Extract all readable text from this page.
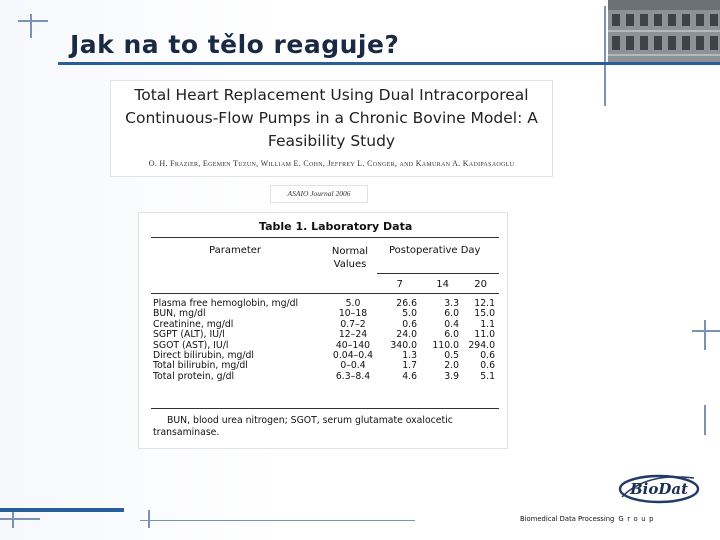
Jak na to tělo reaguje?
Total Heart Replacement Using Dual Intracorporeal Continuous-Flow Pumps in a Chronic Bovine Model: A Feasibility Study
O. H. Frazier, Egemen Tuzun, William E. Cohn, Jeffrey L. Conger, and Kamuran A. Kadipasaoglu
ASAIO Journal 2006
Table 1. Laboratory Data
Parameter	Normal Values
Postoperative Day
7	14	20
Plasma free hemoglobin, mg/dl	5.0	26.6	3.3	12.1
BUN, mg/dl	10–18	5.0	6.0	15.0
Creatinine, mg/dl	0.7–2	0.6	0.4	1.1
SGPT (ALT), IU/l	12–24	24.0	6.0	11.0
SGOT (AST), IU/l	40–140	340.0	110.0	294.0
Direct bilirubin, mg/dl	0.04–0.4	1.3	0.5	0.6
Total bilirubin, mg/dl	0–0.4	1.7	2.0	0.6
Total protein, g/dl	6.3–8.4	4.6	3.9	5.1
BUN, blood urea nitrogen; SGOT, serum glutamate oxalocetic transaminase.
BioDat
Biomedical Data Processing Group
